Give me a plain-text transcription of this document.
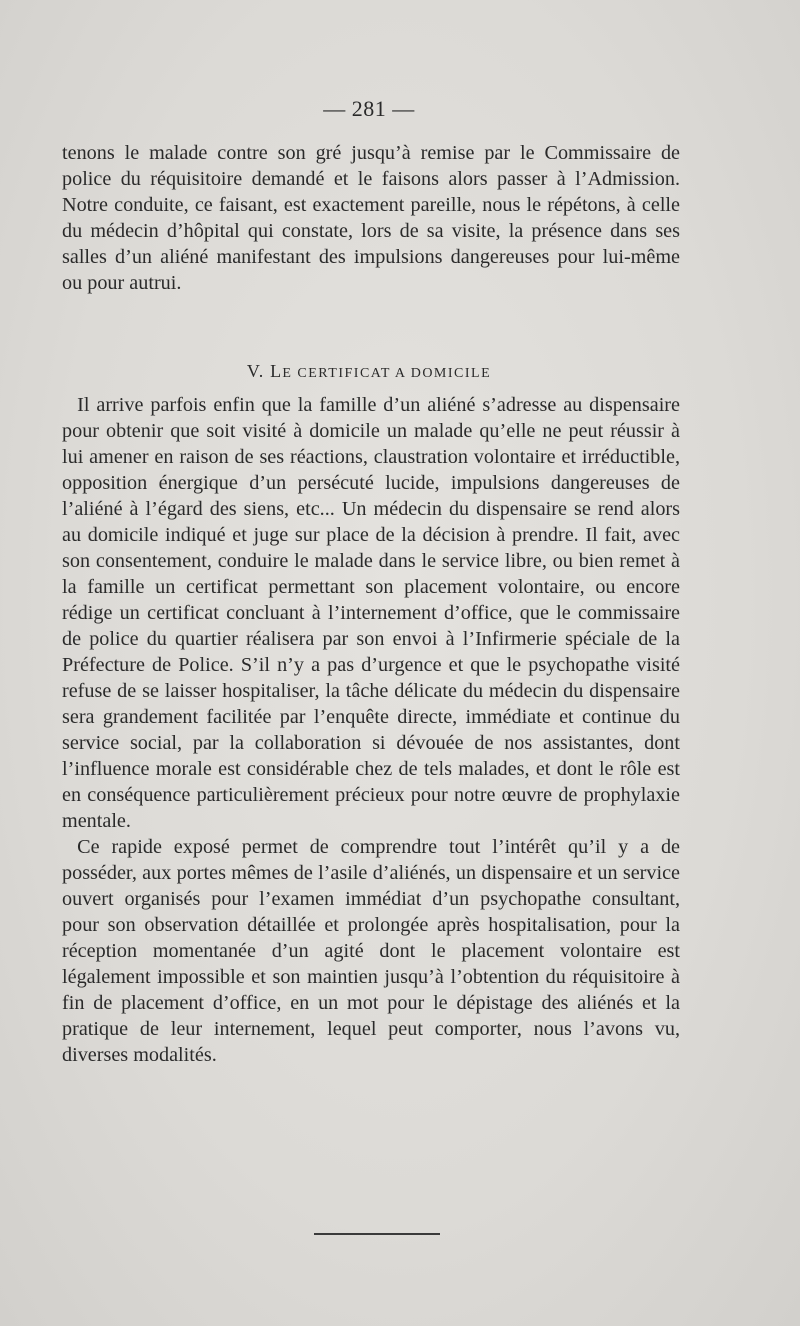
— 281 —

tenons le malade contre son gré jusqu’à remise par le Commissaire de police du réquisitoire demandé et le faisons alors passer à l’Admission. Notre conduite, ce faisant, est exactement pareille, nous le répétons, à celle du médecin d’hôpital qui constate, lors de sa visite, la présence dans ses salles d’un aliéné manifestant des impulsions dangereuses pour lui-même ou pour autrui.

V. LE CERTIFICAT A DOMICILE

Il arrive parfois enfin que la famille d’un aliéné s’adresse au dispensaire pour obtenir que soit visité à domicile un malade qu’elle ne peut réussir à lui amener en raison de ses réactions, claustration volontaire et irréductible, opposition énergique d’un persécuté lucide, impulsions dangereuses de l’aliéné à l’égard des siens, etc... Un médecin du dispensaire se rend alors au domicile indiqué et juge sur place de la décision à prendre. Il fait, avec son consentement, conduire le malade dans le service libre, ou bien remet à la famille un certificat permettant son placement volontaire, ou encore rédige un certificat concluant à l’internement d’office, que le commissaire de police du quartier réalisera par son envoi à l’Infirmerie spéciale de la Préfecture de Police. S’il n’y a pas d’urgence et que le psychopathe visité refuse de se laisser hospitaliser, la tâche délicate du médecin du dispensaire sera grandement facilitée par l’enquête directe, immédiate et continue du service social, par la collaboration si dévouée de nos assistantes, dont l’influence morale est considérable chez de tels malades, et dont le rôle est en conséquence particulièrement précieux pour notre œuvre de prophylaxie mentale.

Ce rapide exposé permet de comprendre tout l’intérêt qu’il y a de posséder, aux portes mêmes de l’asile d’aliénés, un dispensaire et un service ouvert organisés pour l’examen immédiat d’un psychopathe consultant, pour son observation détaillée et prolongée après hospitalisation, pour la réception momentanée d’un agité dont le placement volontaire est légalement impossible et son maintien jusqu’à l’obtention du réquisitoire à fin de placement d’office, en un mot pour le dépistage des aliénés et la pratique de leur internement, lequel peut comporter, nous l’avons vu, diverses modalités.
